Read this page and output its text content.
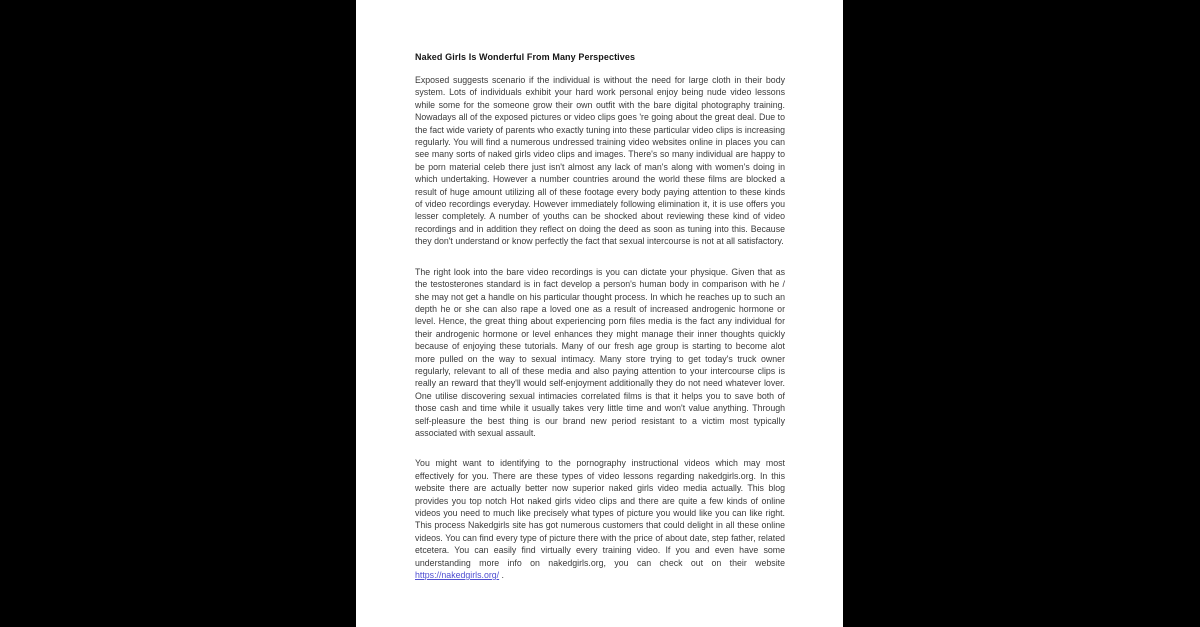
Naked Girls Is Wonderful From Many Perspectives

Exposed suggests scenario if the individual is without the need for large cloth in their body system. Lots of individuals exhibit your hard work personal enjoy being nude video lessons while some for the someone grow their own outfit with the bare digital photography training. Nowadays all of the exposed pictures or video clips goes 're going about the great deal. Due to the fact wide variety of parents who exactly tuning into these particular video clips is increasing regularly. You will find a numerous undressed training video websites online in places you can see many sorts of naked girls video clips and images. There's so many individual are happy to be porn material celeb there just isn't almost any lack of man's along with women's doing in which undertaking. However a number countries around the world these films are blocked a result of huge amount utilizing all of these footage every body paying attention to these kinds of video recordings everyday. However immediately following elimination it, it is use offers you lesser completely. A number of youths can be shocked about reviewing these kind of video recordings and in addition they reflect on doing the deed as soon as tuning into this. Because they don't understand or know perfectly the fact that sexual intercourse is not at all satisfactory.

The right look into the bare video recordings is you can dictate your physique. Given that as the testosterones standard is in fact develop a person's human body in comparison with he / she may not get a handle on his particular thought process. In which he reaches up to such an depth he or she can also rape a loved one as a result of increased androgenic hormone or level. Hence, the great thing about experiencing porn files media is the fact any individual for their androgenic hormone or level enhances they might manage their inner thoughts quickly because of enjoying these tutorials. Many of our fresh age group is starting to become alot more pulled on the way to sexual intimacy. Many store trying to get today's truck owner regularly, relevant to all of these media and also paying attention to your intercourse clips is really an reward that they'll would self-enjoyment additionally they do not need whatever lover. One utilise discovering sexual intimacies correlated films is that it helps you to save both of those cash and time while it usually takes very little time and won't value anything. Through self-pleasure the best thing is our brand new period resistant to a victim most typically associated with sexual assault.

You might want to identifying to the pornography instructional videos which may most effectively for you. There are these types of video lessons regarding nakedgirls.org. In this website there are actually better now superior naked girls video media actually. This blog provides you top notch Hot naked girls video clips and there are quite a few kinds of online videos you need to much like precisely what types of picture you would like you can like right. This process Nakedgirls site has got numerous customers that could delight in all these online videos. You can find every type of picture there with the price of about date, step father, related etcetera. You can easily find virtually every training video. If you and even have some understanding more info on nakedgirls.org, you can check out on their website https://nakedgirls.org/ .
